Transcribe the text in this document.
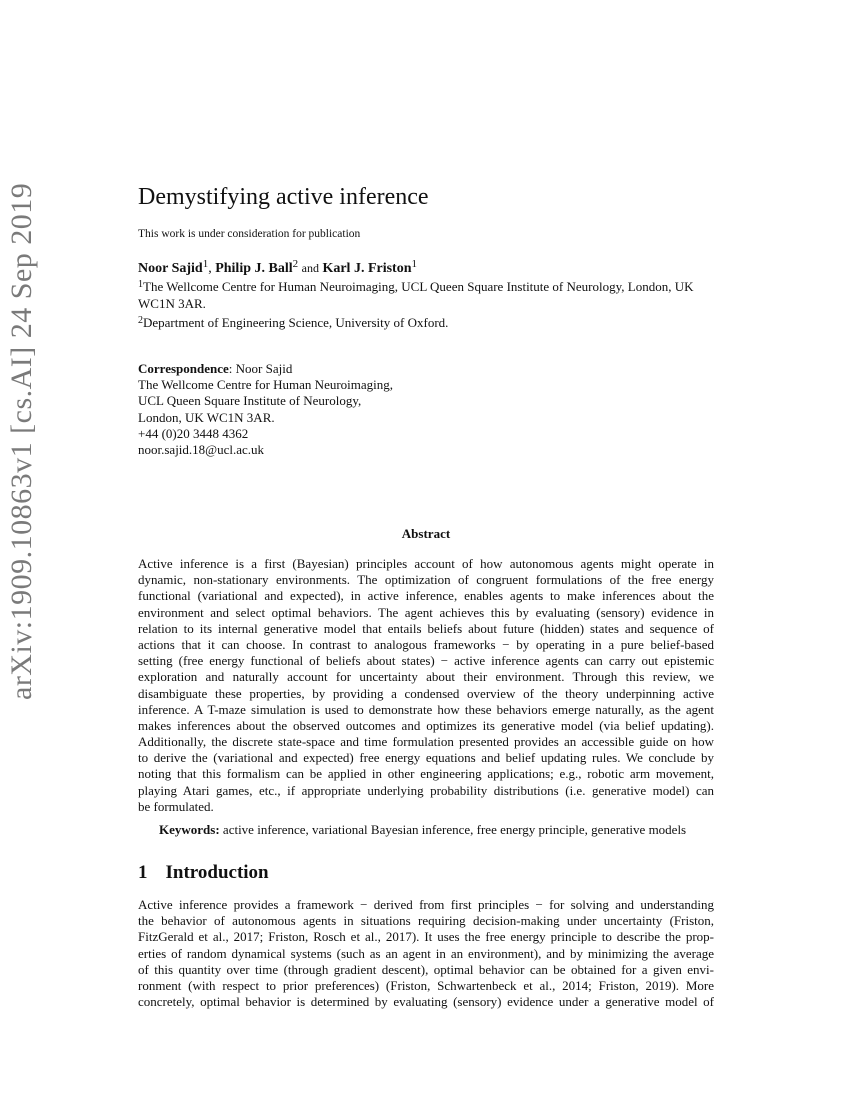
arXiv:1909.10863v1 [cs.AI] 24 Sep 2019	Demystifying active inference
This work is under consideration for publication
Noor Sajid$^1$, Philip J. Ball$^2$ and Karl J. Friston$^1$
$^1$The Wellcome Centre for Human Neuroimaging, UCL Queen Square Institute of Neurology, London, UK WC1N 3AR.
$^2$Department of Engineering Science, University of Oxford.
Correspondence: Noor Sajid
The Wellcome Centre for Human Neuroimaging,
UCL Queen Square Institute of Neurology,
London, UK WC1N 3AR.
+44 (0)20 3448 4362
noor.sajid.18@ucl.ac.uk
Abstract
Active inference is a first (Bayesian) principles account of how autonomous agents might operate in
dynamic, non-stationary environments. The optimization of congruent formulations of the free energy
functional (variational and expected), in active inference, enables agents to make inferences about the
environment and select optimal behaviors. The agent achieves this by evaluating (sensory) evidence in
relation to its internal generative model that entails beliefs about future (hidden) states and sequence of
actions that it can choose. In contrast to analogous frameworks − by operating in a pure belief-based
setting (free energy functional of beliefs about states) − active inference agents can carry out epistemic
exploration and naturally account for uncertainty about their environment. Through this review, we
disambiguate these properties, by providing a condensed overview of the theory underpinning active
inference. A T-maze simulation is used to demonstrate how these behaviors emerge naturally, as the agent
makes inferences about the observed outcomes and optimizes its generative model (via belief updating).
Additionally, the discrete state-space and time formulation presented provides an accessible guide on how
to derive the (variational and expected) free energy equations and belief updating rules. We conclude by
noting that this formalism can be applied in other engineering applications; e.g., robotic arm movement,
playing Atari games, etc., if appropriate underlying probability distributions (i.e. generative model) can
be formulated.
Keywords: active inference, variational Bayesian inference, free energy principle, generative models
1 Introduction
Active inference provides a framework − derived from first principles − for solving and understanding
the behavior of autonomous agents in situations requiring decision-making under uncertainty (Friston,
FitzGerald et al., 2017; Friston, Rosch et al., 2017). It uses the free energy principle to describe the prop-
erties of random dynamical systems (such as an agent in an environment), and by minimizing the average
of this quantity over time (through gradient descent), optimal behavior can be obtained for a given envi-
ronment (with respect to prior preferences) (Friston, Schwartenbeck et al., 2014; Friston, 2019). More
concretely, optimal behavior is determined by evaluating (sensory) evidence under a generative model of
